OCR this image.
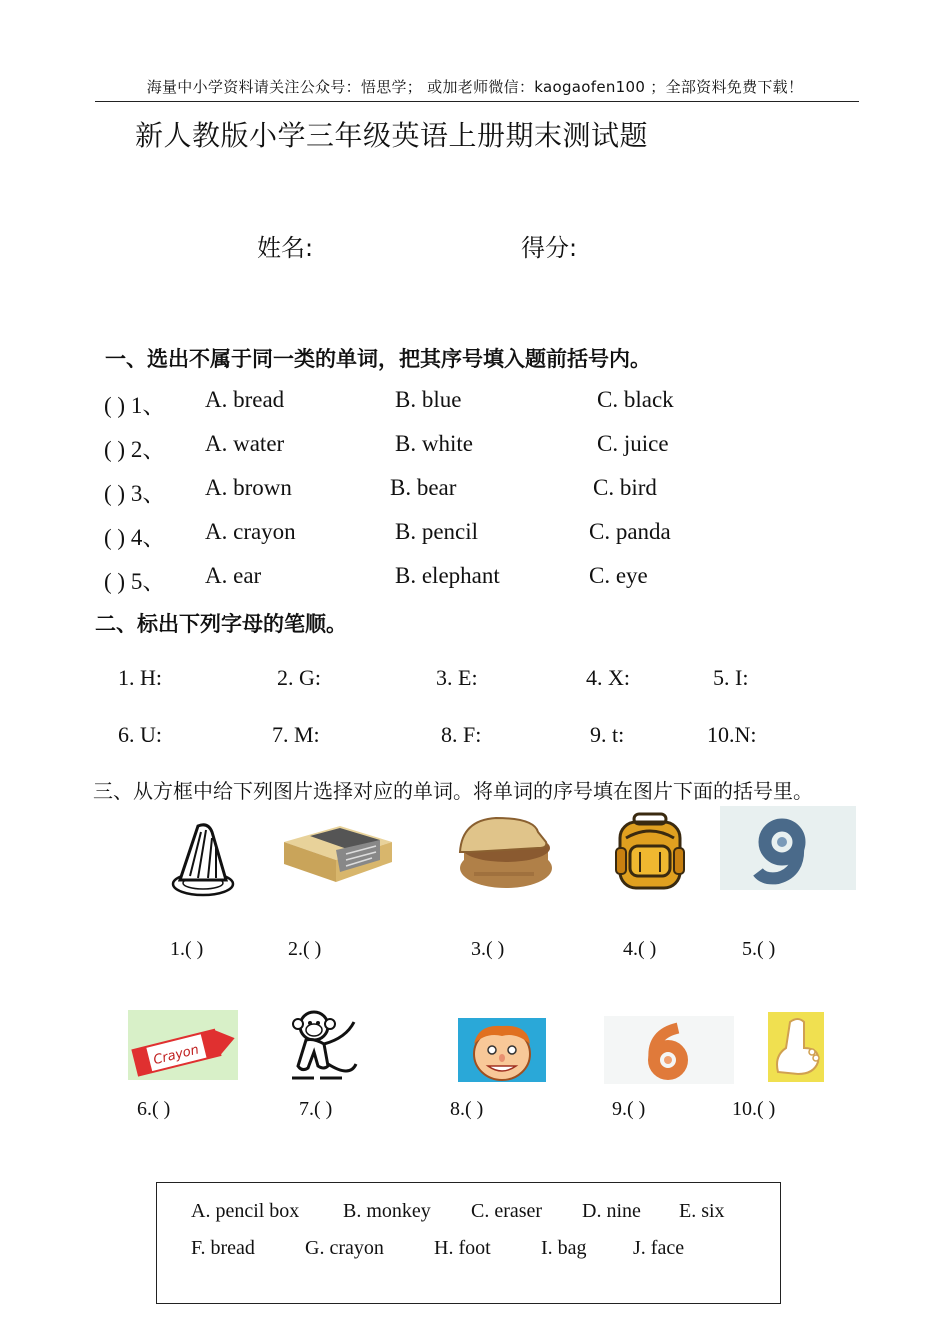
海量中小学资料请关注公众号：悟思学； 或加老师微信：kaogaofen100 ；全部资料免费下载！
新人教版小学三年级英语上册期末测试题
姓名:	得分:
一、选出不属于同一类的单词，把其序号填入题前括号内。
( ) 1、 A. bread	B. blue	C. black
( ) 2、 A. water	B. white	C. juice
( ) 3、 A. brown	B. bear	C. bird
( ) 4、 A. crayon	B. pencil	C. panda
( ) 5、 A. ear	B. elephant	C. eye
二、标出下列字母的笔顺。
1. H:	2. G:	3. E:	4. X:	5. I:
6. U:	7. M:	8. F:	9. t:	10.N:
三、从方框中给下列图片选择对应的单词。将单词的序号填在图片下面的括号里。
1.( )	2.( )	3.( )	4.( )	5.( )
Crayon
6.( )	7.( )	8.( )	9.( )	10.( )
A. pencil box B. monkey C. eraser D. nine E. six
F. bread	G. crayon	H. foot	I. bag J. face
